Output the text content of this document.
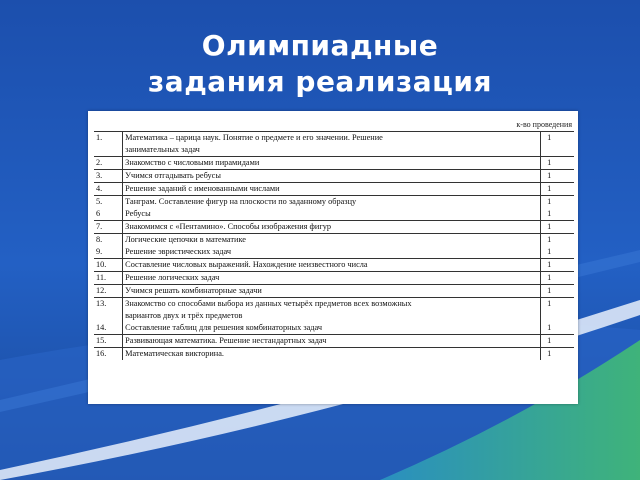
Олимпиадные
задания реализация
к-во проведения
1.	Математика – царица наук. Понятие о предмете и его значении. Решение	1
	занимательных задач	
2.	Знакомство с числовыми пирамидами	1
3.	Учимся отгадывать ребусы	1
4.	Решение заданий с именованными числами	1
5.	Танграм. Составление фигур на плоскости по заданному образцу	1
6	Ребусы	1
7.	Знакомимся с «Пентамино». Способы изображения фигур	1
8.	Логические цепочки в математике	1
9.	Решение эвристических задач	1
10.	Составление числовых выражений. Нахождение неизвестного числа	1
11.	Решение логических задач	1
12.	Учимся решать комбинаторные задачи	1
13.	Знакомство со способами выбора из данных четырёх предметов всех возможных	1
	вариантов двух и трёх предметов	
14.	Составление таблиц для решения комбинаторных задач	1
15.	Развивающая математика. Решение нестандартных задач	1
16.	Математическая викторина.	1
